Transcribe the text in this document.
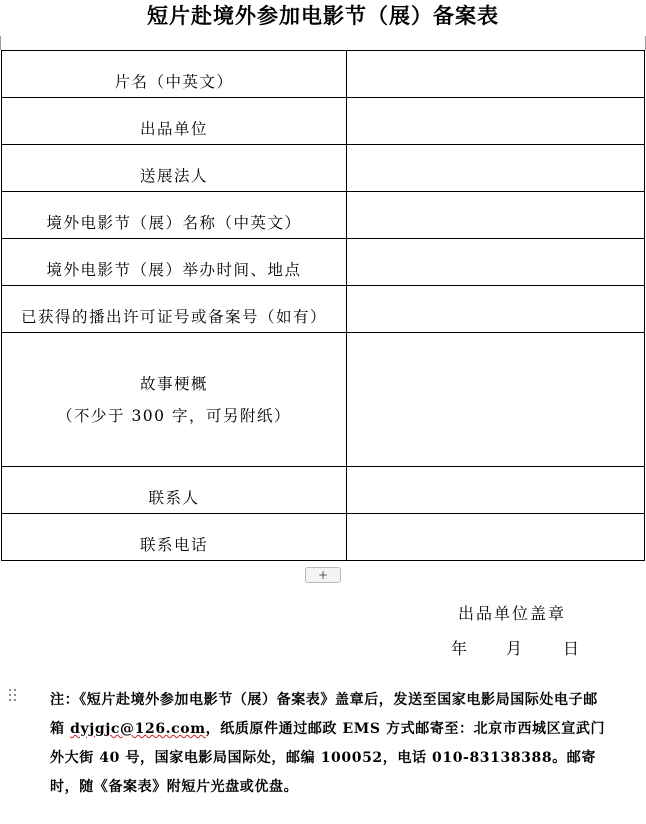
短片赴境外参加电影节（展）备案表
片名（中英文）	
出品单位	
送展法人	
境外电影节（展）名称（中英文）	
境外电影节（展）举办时间、地点	
已获得的播出许可证号或备案号（如有）	

故事梗概
（不少于 300 字，可另附纸）	

联系人	
联系电话	
+
出品单位盖章
年 月	日
注：《短片赴境外参加电影节（展）备案表》盖章后，发送至国家电影局国际处电子邮箱 dyjgjc@126.com，纸质原件通过邮政 EMS 方式邮寄至：北京市西城区宣武门外大街 40 号，国家电影局国际处，邮编 100052，电话 010-83138388。邮寄时，随《备案表》附短片光盘或优盘。
